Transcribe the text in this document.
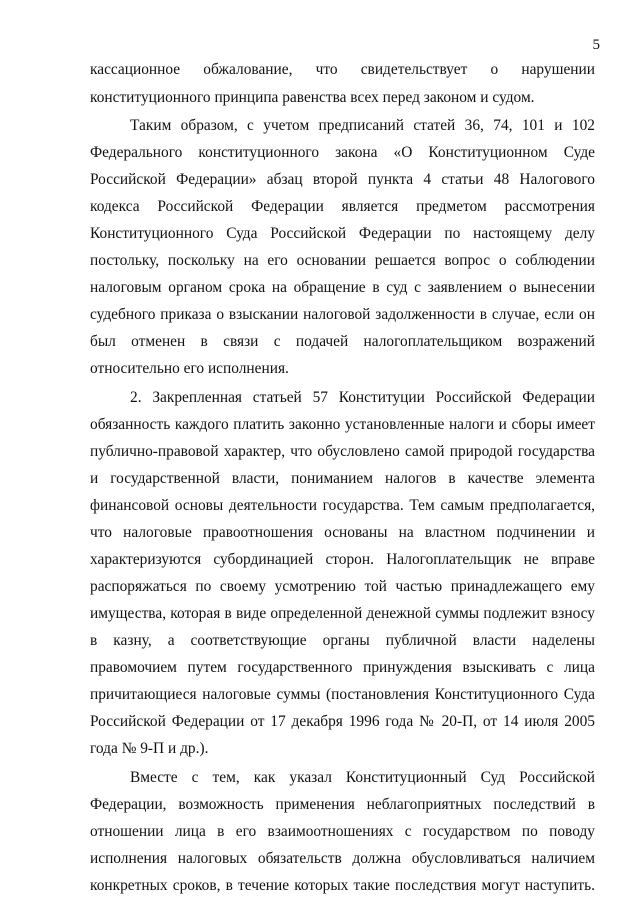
5
кассационное обжалование, что свидетельствует о нарушении
конституционного принципа равенства всех перед законом и судом.
Таким образом, с учетом предписаний статей 36, 74, 101 и 102
Федерального конституционного закона «О Конституционном Суде
Российской Федерации» абзац второй пункта 4 статьи 48 Налогового
кодекса Российской Федерации является предметом рассмотрения
Конституционного Суда Российской Федерации по настоящему делу
постольку, поскольку на его основании решается вопрос о соблюдении
налоговым органом срока на обращение в суд с заявлением о вынесении
судебного приказа о взыскании налоговой задолженности в случае, если он
был отменен в связи с подачей налогоплательщиком возражений
относительно его исполнения.
2. Закрепленная статьей 57 Конституции Российской Федерации
обязанность каждого платить законно установленные налоги и сборы имеет
публично-правовой характер, что обусловлено самой природой государства
и государственной власти, пониманием налогов в качестве элемента
финансовой основы деятельности государства. Тем самым предполагается,
что налоговые правоотношения основаны на властном подчинении и
характеризуются субординацией сторон. Налогоплательщик не вправе
распоряжаться по своему усмотрению той частью принадлежащего ему
имущества, которая в виде определенной денежной суммы подлежит взносу
в казну, а соответствующие органы публичной власти наделены
правомочием путем государственного принуждения взыскивать с лица
причитающиеся налоговые суммы (постановления Конституционного Суда
Российской Федерации от 17 декабря 1996 года № 20-П, от 14 июля 2005
года № 9-П и др.).
Вместе с тем, как указал Конституционный Суд Российской
Федерации, возможность применения неблагоприятных последствий в
отношении лица в его взаимоотношениях с государством по поводу
исполнения налоговых обязательств должна обусловливаться наличием
конкретных сроков, в течение которых такие последствия могут наступить.
